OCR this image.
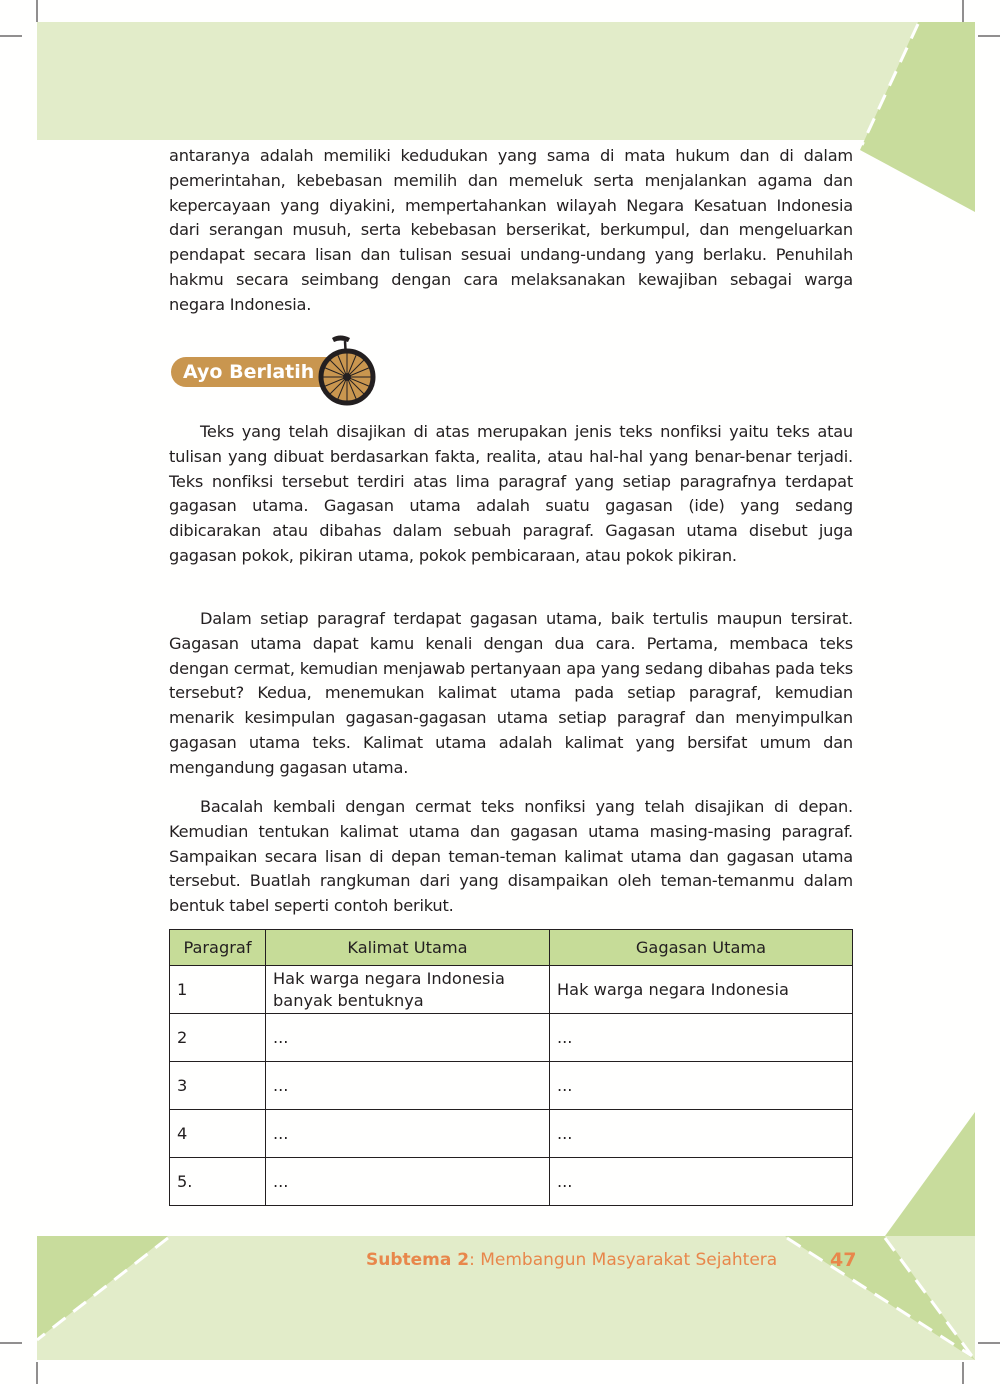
antaranya adalah memiliki kedudukan yang sama di mata hukum dan di dalam pemerintahan, kebebasan memilih dan memeluk serta menjalankan agama dan kepercayaan yang diyakini, mempertahankan wilayah Negara Kesatuan Indonesia dari serangan musuh, serta kebebasan berserikat, berkumpul, dan mengeluarkan pendapat secara lisan dan tulisan sesuai undang-undang yang berlaku. Penuhilah hakmu secara seimbang dengan cara melaksanakan kewajiban sebagai warga negara Indonesia.

Ayo Berlatih

Teks yang telah disajikan di atas merupakan jenis teks nonfiksi yaitu teks atau tulisan yang dibuat berdasarkan fakta, realita, atau hal-hal yang benar-benar terjadi. Teks nonfiksi tersebut terdiri atas lima paragraf yang setiap paragrafnya terdapat gagasan utama. Gagasan utama adalah suatu gagasan (ide) yang sedang dibicarakan atau dibahas dalam sebuah paragraf. Gagasan utama disebut juga gagasan pokok, pikiran utama, pokok pembicaraan, atau pokok pikiran.

Dalam setiap paragraf terdapat gagasan utama, baik tertulis maupun tersirat. Gagasan utama dapat kamu kenali dengan dua cara. Pertama, membaca teks dengan cermat, kemudian menjawab pertanyaan apa yang sedang dibahas pada teks tersebut? Kedua, menemukan kalimat utama pada setiap paragraf, kemudian menarik kesimpulan gagasan-gagasan utama setiap paragraf dan menyimpulkan gagasan utama teks. Kalimat utama adalah kalimat yang bersifat umum dan mengandung gagasan utama.

Bacalah kembali dengan cermat teks nonfiksi yang telah disajikan di depan. Kemudian tentukan kalimat utama dan gagasan utama masing-masing paragraf. Sampaikan secara lisan di depan teman-teman kalimat utama dan gagasan utama tersebut. Buatlah rangkuman dari yang disampaikan oleh teman-temanmu dalam bentuk tabel seperti contoh berikut.

Paragraf	Kalimat Utama	Gagasan Utama
1	Hak warga negara Indonesia banyak bentuknya	Hak warga negara Indonesia
2	...	...
3	...	...
4	...	...
5.	...	...
Subtema 2: Membangun Masyarakat Sejahtera	47
